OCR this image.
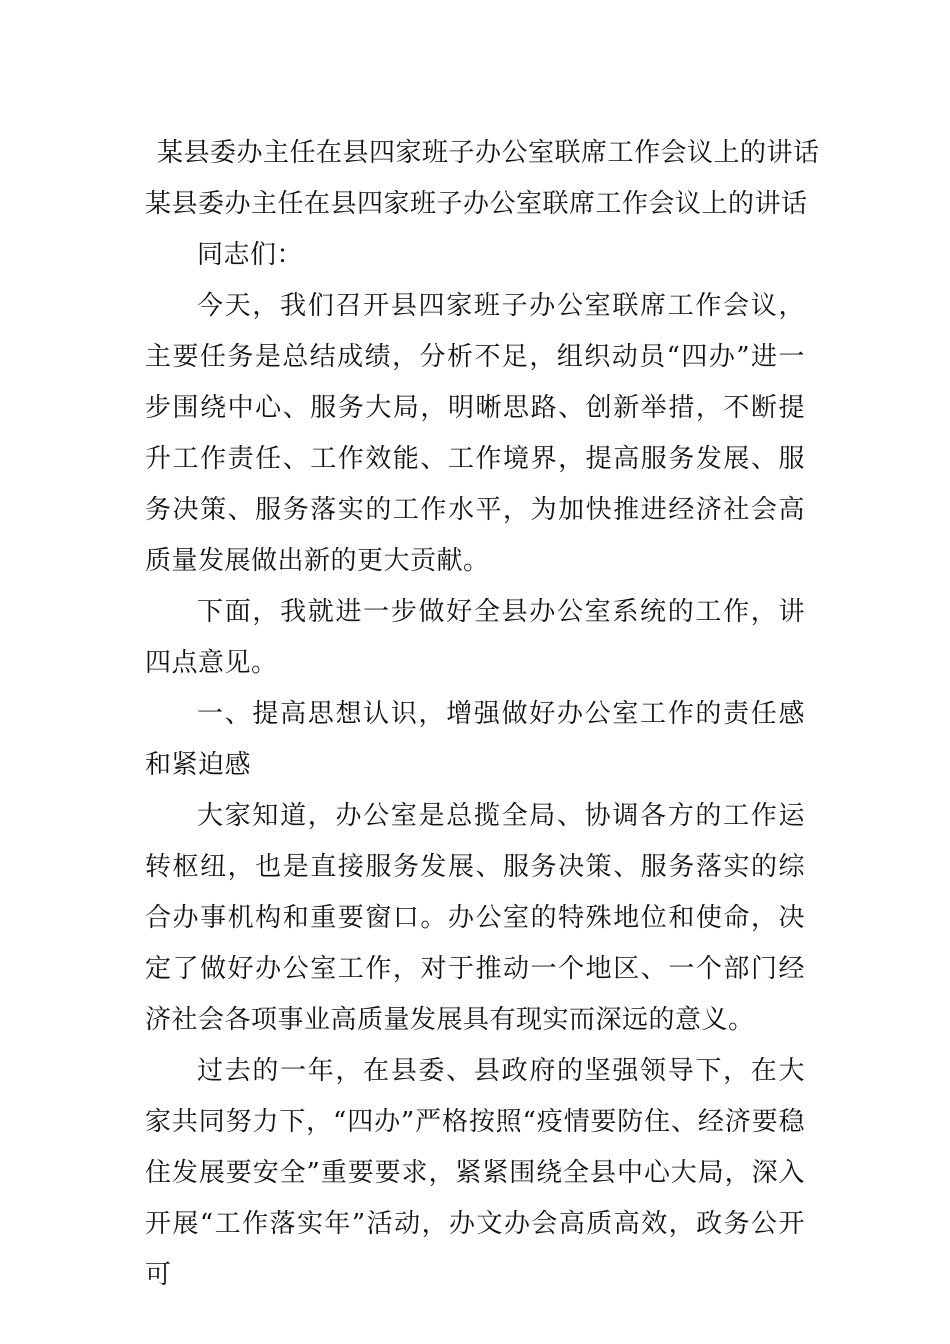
某县委办主任在县四家班子办公室联席工作会议上的讲话
某县委办主任在县四家班子办公室联席工作会议上的讲话

同志们：

今天，我们召开县四家班子办公室联席工作会议，主要任务是总结成绩，分析不足，组织动员“四办”进一步围绕中心、服务大局，明晰思路、创新举措，不断提升工作责任、工作效能、工作境界，提高服务发展、服务决策、服务落实的工作水平，为加快推进经济社会高质量发展做出新的更大贡献。

下面，我就进一步做好全县办公室系统的工作，讲四点意见。

一、提高思想认识，增强做好办公室工作的责任感和紧迫感

大家知道，办公室是总揽全局、协调各方的工作运转枢纽，也是直接服务发展、服务决策、服务落实的综合办事机构和重要窗口。办公室的特殊地位和使命，决定了做好办公室工作，对于推动一个地区、一个部门经济社会各项事业高质量发展具有现实而深远的意义。

过去的一年，在县委、县政府的坚强领导下，在大家共同努力下，“四办”严格按照“疫情要防住、经济要稳住发展要安全”重要要求，紧紧围绕全县中心大局，深入开展“工作落实年”活动，办文办会高质高效，政务公开可
